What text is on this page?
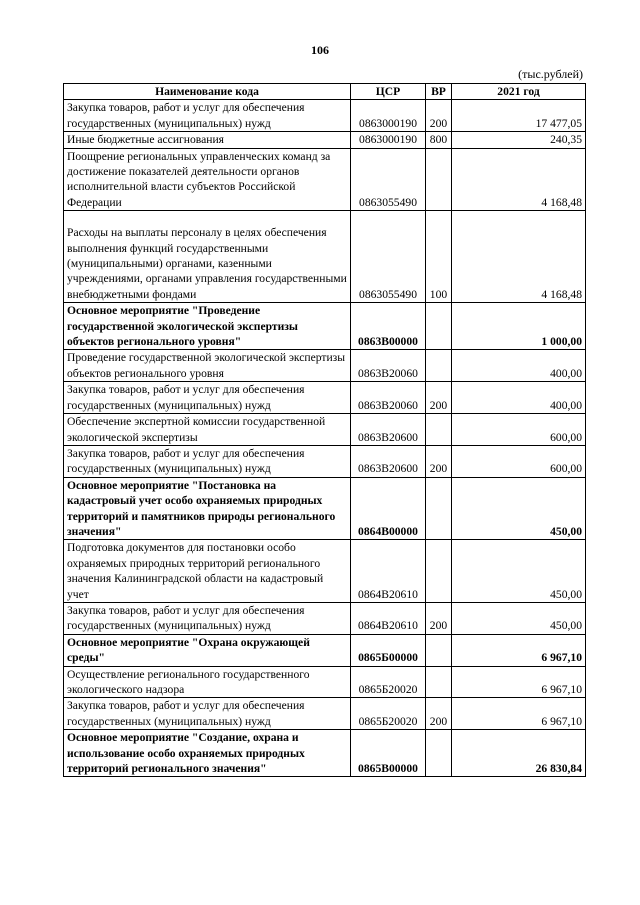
106
(тыс.рублей)
Наименование кода	ЦСР	ВР	2021 год
Закупка товаров, работ и услуг для обеспечения государственных (муниципальных) нужд	0863000190	200	17 477,05
Иные бюджетные ассигнования	0863000190	800	240,35
Поощрение региональных управленческих команд за достижение показателей деятельности органов исполнительной власти субъектов Российской Федерации	0863055490		4 168,48
Расходы на выплаты персоналу в целях обеспечения выполнения функций государственными (муниципальными) органами, казенными учреждениями, органами управления государственными внебюджетными фондами	0863055490	100	4 168,48
Основное мероприятие "Проведение государственной экологической экспертизы объектов регионального уровня"	0863В00000		1 000,00
Проведение государственной экологической экспертизы объектов регионального уровня	0863В20060		400,00
Закупка товаров, работ и услуг для обеспечения государственных (муниципальных) нужд	0863В20060	200	400,00
Обеспечение экспертной комиссии государственной экологической экспертизы	0863В20600		600,00
Закупка товаров, работ и услуг для обеспечения государственных (муниципальных) нужд	0863В20600	200	600,00
Основное мероприятие "Постановка на кадастровый учет особо охраняемых природных территорий и памятников природы регионального значения"	0864В00000		450,00
Подготовка документов для постановки особо охраняемых природных территорий регионального значения Калининградской области на кадастровый учет	0864В20610		450,00
Закупка товаров, работ и услуг для обеспечения государственных (муниципальных) нужд	0864В20610	200	450,00
Основное мероприятие "Охрана окружающей среды"	0865Б00000		6 967,10
Осуществление регионального государственного экологического надзора	0865Б20020		6 967,10
Закупка товаров, работ и услуг для обеспечения государственных (муниципальных) нужд	0865Б20020	200	6 967,10
Основное мероприятие "Создание, охрана и использование особо охраняемых природных территорий регионального значения"	0865В00000		26 830,84
